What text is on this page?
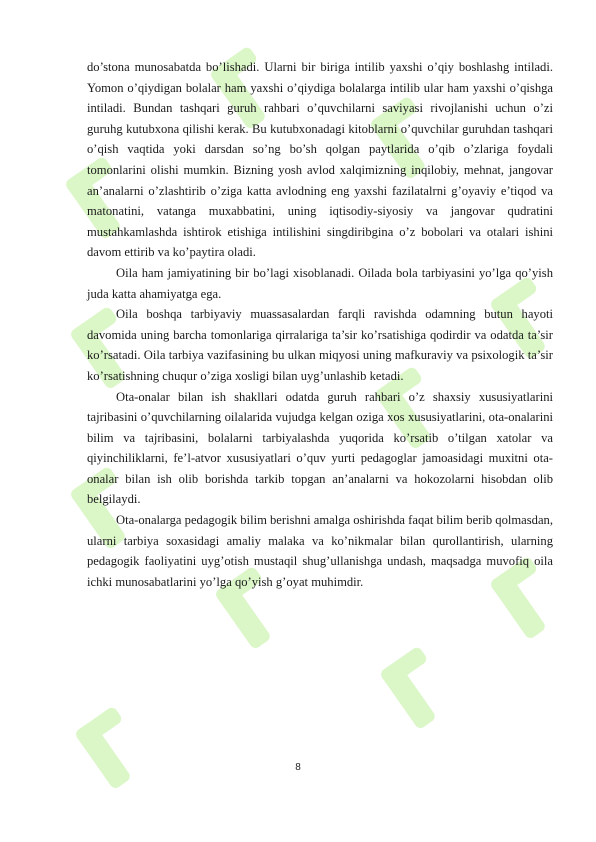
do’stona munosabatda bo’lishadi. Ularni bir biriga intilib yaxshi o’qiy boshlashg intiladi. Yomon o’qiydigan bolalar ham yaxshi o’qiydiga bolalarga intilib ular ham yaxshi o’qishga intiladi. Bundan tashqari guruh rahbari o’quvchilarni saviyasi rivojlanishi uchun o’zi guruhg kutubxona qilishi kerak. Bu kutubxonadagi kitoblarni o’quvchilar guruhdan tashqari o’qish vaqtida yoki darsdan so’ng bo’sh qolgan paytlarida o’qib o’zlariga foydali tomonlarini olishi mumkin. Bizning yosh avlod xalqimizning inqilobiy, mehnat, jangovar an’analarni o’zlashtirib o’ziga katta avlodning eng yaxshi fazilatalrni g’oyaviy e’tiqod va matonatini, vatanga muxabbatini, uning iqtisodiy-siyosiy va jangovar qudratini mustahkamlashda ishtirok etishiga intilishini singdiribgina o’z bobolari va otalari ishini davom ettirib va ko’paytira oladi.

Oila ham jamiyatining bir bo’lagi xisoblanadi. Oilada bola tarbiyasini yo’lga qo’yish juda katta ahamiyatga ega.

Oila boshqa tarbiyaviy muassasalardan farqli ravishda odamning butun hayoti davomida uning barcha tomonlariga qirralariga ta’sir ko’rsatishiga qodirdir va odatda ta’sir ko’rsatadi. Oila tarbiya vazifasining bu ulkan miqyosi uning mafkuraviy va psixologik ta’sir ko’rsatishning chuqur o’ziga xosligi bilan uyg’unlashib ketadi.

Ota-onalar bilan ish shakllari odatda guruh rahbari o’z shaxsiy xususiyatlarini tajribasini o’quvchilarning oilalarida vujudga kelgan oziga xos xususiyatlarini, ota-onalarini bilim va tajribasini, bolalarni tarbiyalashda yuqorida ko’rsatib o’tilgan xatolar va qiyinchiliklarni, fe’l-atvor xususiyatlari o’quv yurti pedagoglar jamoasidagi muxitni ota-onalar bilan ish olib borishda tarkib topgan an’analarni va hokozolarni hisobdan olib belgilaydi.

Ota-onalarga pedagogik bilim berishni amalga oshirishda faqat bilim berib qolmasdan, ularni tarbiya soxasidagi amaliy malaka va ko’nikmalar bilan qurollantirish, ularning pedagogik faoliyatini uyg’otish mustaqil shug’ullanishga undash, maqsadga muvofiq oila ichki munosabatlarini yo’lga qo’yish g’oyat muhimdir.

8
